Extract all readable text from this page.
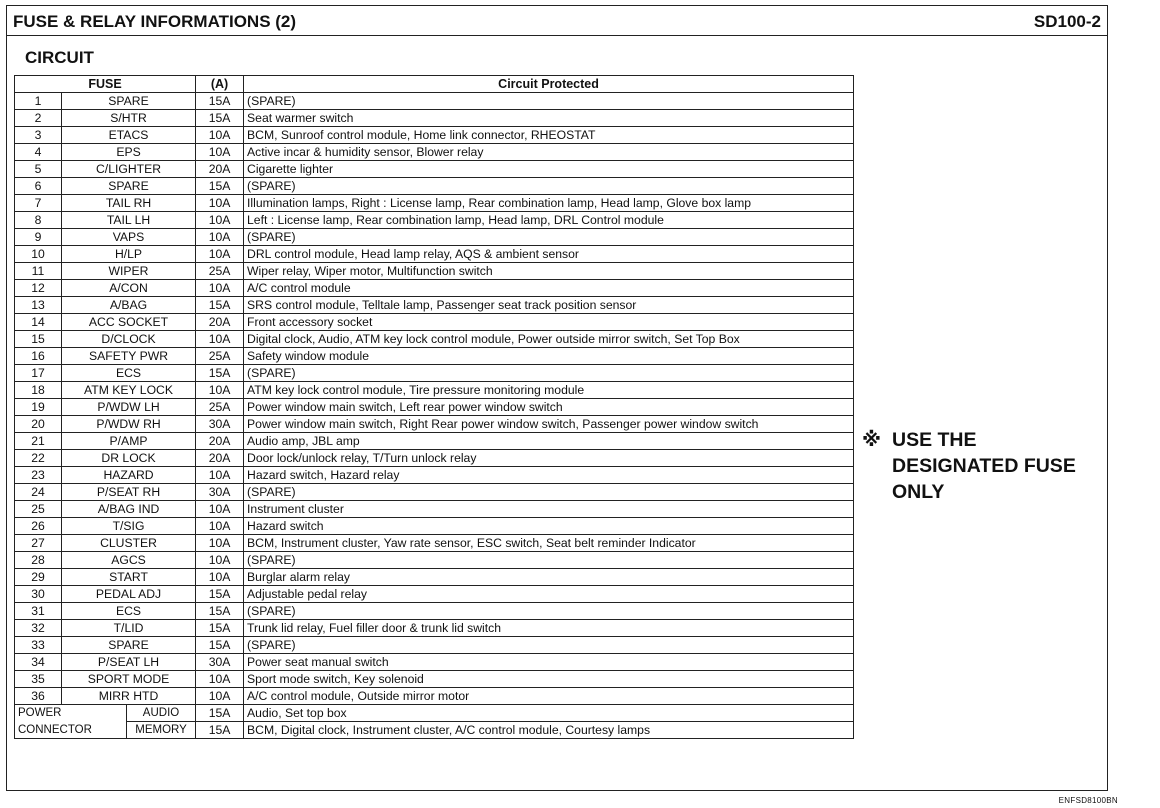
FUSE & RELAY INFORMATIONS (2)	SD100-2
CIRCUIT
FUSE			(A)	Circuit Protected
1	SPARE		15A	(SPARE)
2	S/HTR		15A	Seat warmer switch
3	ETACS		10A	BCM, Sunroof control module, Home link connector, RHEOSTAT
4	EPS		10A	Active incar & humidity sensor, Blower relay
5	C/LIGHTER		20A	Cigarette lighter
6	SPARE		15A	(SPARE)
7	TAIL RH		10A	Illumination lamps, Right : License lamp, Rear combination lamp, Head lamp, Glove box lamp
8	TAIL LH		10A	Left : License lamp, Rear combination lamp, Head lamp, DRL Control module
9	VAPS		10A	(SPARE)
10	H/LP		10A	DRL control module, Head lamp relay, AQS & ambient sensor
11	WIPER		25A	Wiper relay, Wiper motor, Multifunction switch
12	A/CON		10A	A/C control module
13	A/BAG		15A	SRS control module, Telltale lamp, Passenger seat track position sensor
14	ACC SOCKET		20A	Front accessory socket
15	D/CLOCK		10A	Digital clock, Audio, ATM key lock control module, Power outside mirror switch, Set Top Box
16	SAFETY PWR		25A	Safety window module
17	ECS		15A	(SPARE)
18	ATM KEY LOCK		10A	ATM key lock control module, Tire pressure monitoring module
19	P/WDW LH		25A	Power window main switch, Left rear power window switch
20	P/WDW RH		30A	Power window main switch, Right Rear power window switch, Passenger power window switch
21	P/AMP		20A	Audio amp, JBL amp
22	DR LOCK		20A	Door lock/unlock relay, T/Turn unlock relay
23	HAZARD		10A	Hazard switch, Hazard relay
24	P/SEAT RH		30A	(SPARE)
25	A/BAG IND		10A	Instrument cluster
26	T/SIG		10A	Hazard switch
27	CLUSTER		10A	BCM, Instrument cluster, Yaw rate sensor, ESC switch, Seat belt reminder Indicator
28	AGCS		10A	(SPARE)
29	START		10A	Burglar alarm relay
30	PEDAL ADJ		15A	Adjustable pedal relay
31	ECS		15A	(SPARE)
32	T/LID		15A	Trunk lid relay, Fuel filler door & trunk lid switch
33	SPARE		15A	(SPARE)
34	P/SEAT LH		30A	Power seat manual switch
35	SPORT MODE		10A	Sport mode switch, Key solenoid
36	MIRR HTD		10A	A/C control module, Outside mirror motor
POWER		AUDIO	15A	Audio, Set top box
CONNECTOR		MEMORY	15A	BCM, Digital clock, Instrument cluster, A/C control module, Courtesy lamps
※ USE THE
DESIGNATED FUSE
ONLY
ENFSD8100BN
